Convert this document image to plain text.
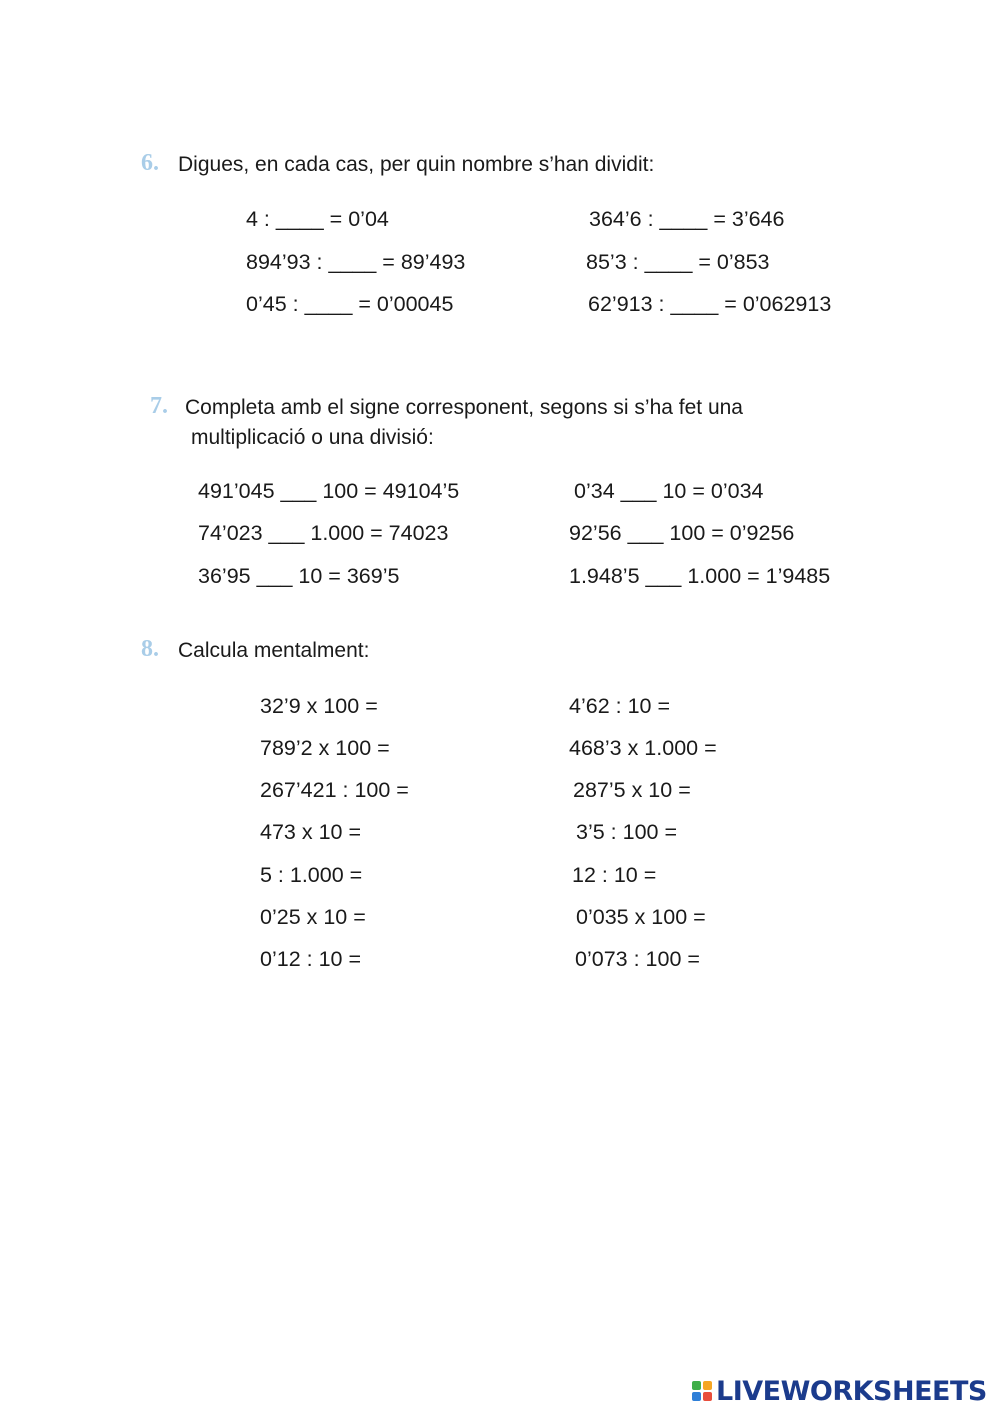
6. Digues, en cada cas, per quin nombre s’han dividit:
4 : ____ = 0’04
894’93 : ____ = 89’493
0’45 : ____ = 0’00045
364’6 : ____ = 3’646
85’3 : ____ = 0’853
62’913 : ____ = 0’062913
7. Completa amb el signe corresponent, segons si s’ha fet una
multiplicació o una divisió:
491’045 ___ 100 = 49104’5
74’023 ___ 1.000 = 74023
36’95 ___ 10 = 369’5
0’34 ___ 10 = 0’034
92’56 ___ 100 = 0’9256
1.948’5 ___ 1.000 = 1’9485
8. Calcula mentalment:
32’9 x 100 =
789’2 x 100 =
267’421 : 100 =
473 x 10 =
5 : 1.000 =
0’25 x 10 =
0’12 : 10 =
4’62 : 10 =
468’3 x 1.000 =
287’5 x 10 =
3’5 : 100 =
12 : 10 =
0’035 x 100 =
0’073 : 100 =
LIVEWORKSHEETS
